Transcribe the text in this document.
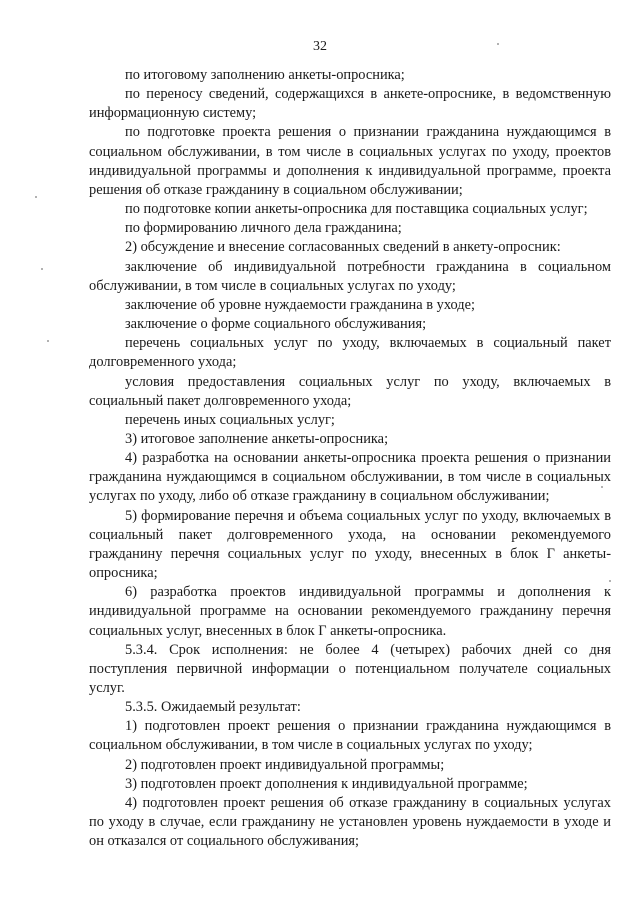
32

по итоговому заполнению анкеты-опросника;

по переносу сведений, содержащихся в анкете-опроснике, в ведомственную информационную систему;

по подготовке проекта решения о признании гражданина нуждающимся в социальном обслуживании, в том числе в социальных услугах по уходу, проектов индивидуальной программы и дополнения к индивидуальной программе, проекта решения об отказе гражданину в социальном обслуживании;

по подготовке копии анкеты-опросника для поставщика социальных услуг;

по формированию личного дела гражданина;

2) обсуждение и внесение согласованных сведений в анкету-опросник:

заключение об индивидуальной потребности гражданина в социальном обслуживании, в том числе в социальных услугах по уходу;

заключение об уровне нуждаемости гражданина в уходе;

заключение о форме социального обслуживания;

перечень социальных услуг по уходу, включаемых в социальный пакет долговременного ухода;

условия предоставления социальных услуг по уходу, включаемых в социальный пакет долговременного ухода;

перечень иных социальных услуг;

3) итоговое заполнение анкеты-опросника;

4) разработка на основании анкеты-опросника проекта решения о признании гражданина нуждающимся в социальном обслуживании, в том числе в социальных услугах по уходу, либо об отказе гражданину в социальном обслуживании;

5) формирование перечня и объема социальных услуг по уходу, включаемых в социальный пакет долговременного ухода, на основании рекомендуемого гражданину перечня социальных услуг по уходу, внесенных в блок Г анкеты-опросника;

6) разработка проектов индивидуальной программы и дополнения к индивидуальной программе на основании рекомендуемого гражданину перечня социальных услуг, внесенных в блок Г анкеты-опросника.

5.3.4. Срок исполнения: не более 4 (четырех) рабочих дней со дня поступления первичной информации о потенциальном получателе социальных услуг.

5.3.5. Ожидаемый результат:

1) подготовлен проект решения о признании гражданина нуждающимся в социальном обслуживании, в том числе в социальных услугах по уходу;

2) подготовлен проект индивидуальной программы;

3) подготовлен проект дополнения к индивидуальной программе;

4) подготовлен проект решения об отказе гражданину в социальных услугах по уходу в случае, если гражданину не установлен уровень нуждаемости в уходе и он отказался от социального обслуживания;
